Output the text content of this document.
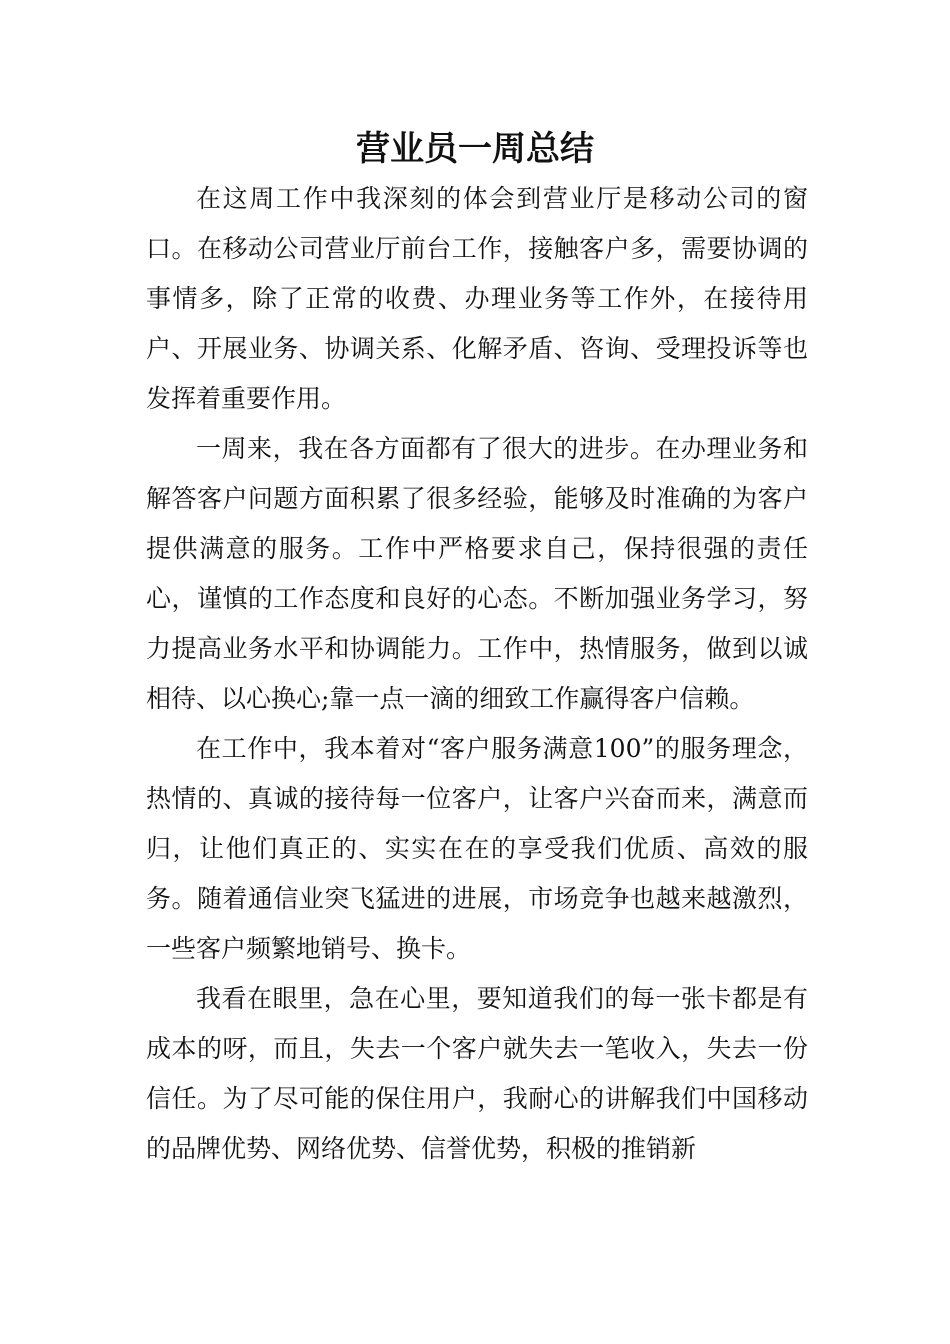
营业员一周总结

在这周工作中我深刻的体会到营业厅是移动公司的窗口。在移动公司营业厅前台工作，接触客户多，需要协调的事情多，除了正常的收费、办理业务等工作外，在接待用户、开展业务、协调关系、化解矛盾、咨询、受理投诉等也发挥着重要作用。

一周来，我在各方面都有了很大的进步。在办理业务和解答客户问题方面积累了很多经验，能够及时准确的为客户提供满意的服务。工作中严格要求自己，保持很强的责任心，谨慎的工作态度和良好的心态。不断加强业务学习，努力提高业务水平和协调能力。工作中，热情服务，做到以诚相待、以心换心;靠一点一滴的细致工作赢得客户信赖。

在工作中，我本着对“客户服务满意100”的服务理念，热情的、真诚的接待每一位客户，让客户兴奋而来，满意而归，让他们真正的、实实在在的享受我们优质、高效的服务。随着通信业突飞猛进的进展，市场竞争也越来越激烈，一些客户频繁地销号、换卡。

我看在眼里，急在心里，要知道我们的每一张卡都是有成本的呀，而且，失去一个客户就失去一笔收入，失去一份信任。为了尽可能的保住用户，我耐心的讲解我们中国移动的品牌优势、网络优势、信誉优势，积极的推销新
